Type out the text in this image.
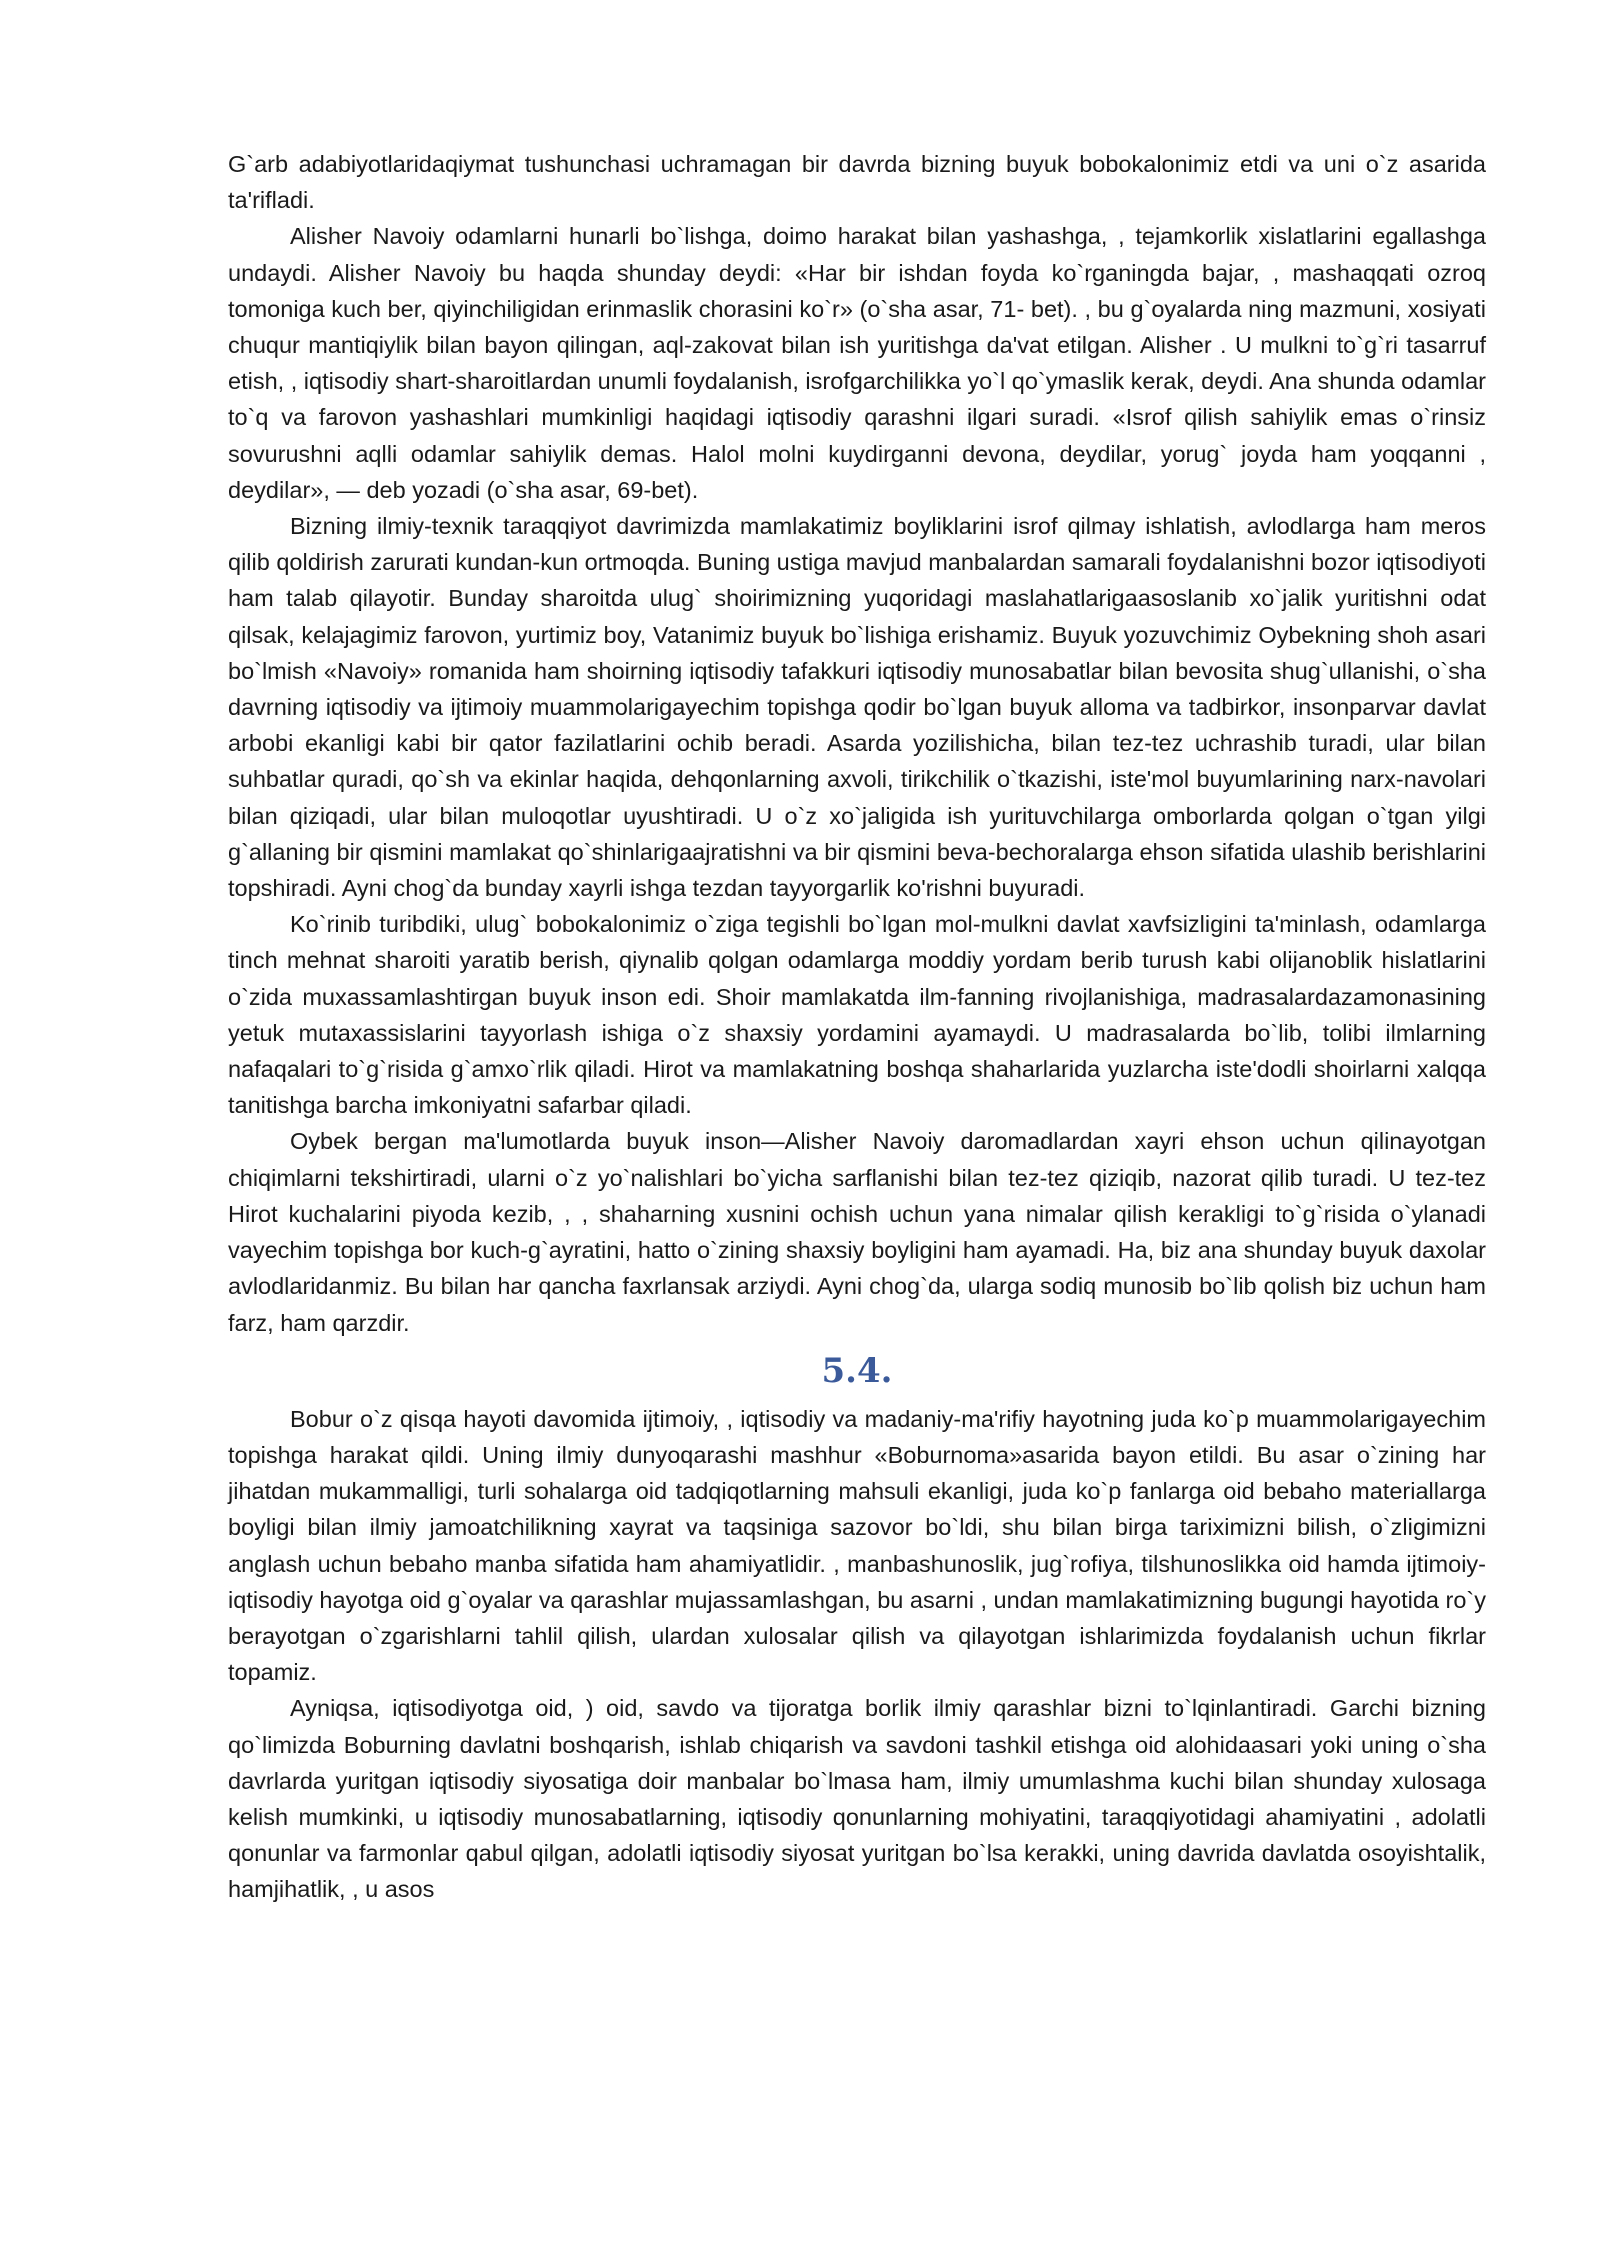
G`arb adabiyotlaridaqiymat tushunchasi uchramagan bir davrda bizning buyuk bobokalonimiz etdi va uni o`z asarida ta'rifladi.

Alisher Navoiy odamlarni hunarli bo`lishga, doimo harakat bilan yashashga, , tejamkorlik xislatlarini egallashga undaydi. Alisher Navoiy bu haqda shunday deydi: «Har bir ishdan foyda ko`rganingda bajar, , mashaqqati ozroq tomoniga kuch ber, qiyinchiligidan erinmaslik chorasini ko`r» (o`sha asar, 71- bet). , bu g`oyalarda ning mazmuni, xosiyati chuqur mantiqiylik bilan bayon qilingan, aql-zakovat bilan ish yuritishga da'vat etilgan. Alisher . U mulkni to`g`ri tasarruf etish, , iqtisodiy shart-sharoitlardan unumli foydalanish, isrofgarchilikka yo`l qo`ymaslik kerak, deydi. Ana shunda odamlar to`q va farovon yashashlari mumkinligi haqidagi iqtisodiy qarashni ilgari suradi. «Isrof qilish sahiylik emas o`rinsiz sovurushni aqlli odamlar sahiylik demas. Halol molni kuydirganni devona, deydilar, yorug` joyda ham yoqqanni , deydilar», — deb yozadi (o`sha asar, 69-bet).

Bizning ilmiy-texnik taraqqiyot davrimizda mamlakatimiz boyliklarini isrof qilmay ishlatish, avlodlarga ham meros qilib qoldirish zarurati kundan-kun ortmoqda. Buning ustiga mavjud manbalardan samarali foydalanishni bozor iqtisodiyoti ham talab qilayotir. Bunday sharoitda ulug` shoirimizning yuqoridagi maslahatlarigaasoslanib xo`jalik yuritishni odat qilsak, kelajagimiz farovon, yurtimiz boy, Vatanimiz buyuk bo`lishiga erishamiz. Buyuk yozuvchimiz Oybekning shoh asari bo`lmish «Navoiy» romanida ham shoirning iqtisodiy tafakkuri iqtisodiy munosabatlar bilan bevosita shug`ullanishi, o`sha davrning iqtisodiy va ijtimoiy muammolarigayechim topishga qodir bo`lgan buyuk alloma va tadbirkor, insonparvar davlat arbobi ekanligi kabi bir qator fazilatlarini ochib beradi. Asarda yozilishicha, bilan tez-tez uchrashib turadi, ular bilan suhbatlar quradi, qo`sh va ekinlar haqida, dehqonlarning axvoli, tirikchilik o`tkazishi, iste'mol buyumlarining narx-navolari bilan qiziqadi, ular bilan muloqotlar uyushtiradi. U o`z xo`jaligida ish yurituvchilarga omborlarda qolgan o`tgan yilgi g`allaning bir qismini mamlakat qo`shinlarigaajratishni va bir qismini beva-bechoralarga ehson sifatida ulashib berishlarini topshiradi. Ayni chog`da bunday xayrli ishga tezdan tayyorgarlik ko'rishni buyuradi.

Ko`rinib turibdiki, ulug` bobokalonimiz o`ziga tegishli bo`lgan mol-mulkni davlat xavfsizligini ta'minlash, odamlarga tinch mehnat sharoiti yaratib berish, qiynalib qolgan odamlarga moddiy yordam berib turush kabi olijanoblik hislatlarini o`zida muxassamlashtirgan buyuk inson edi. Shoir mamlakatda ilm-fanning rivojlanishiga, madrasalardazamonasining yetuk mutaxassislarini tayyorlash ishiga o`z shaxsiy yordamini ayamaydi. U madrasalarda bo`lib, tolibi ilmlarning nafaqalari to`g`risida g`amxo`rlik qiladi. Hirot va mamlakatning boshqa shaharlarida yuzlarcha iste'dodli shoirlarni xalqqa tanitishga barcha imkoniyatni safarbar qiladi.

Oybek bergan ma'lumotlarda buyuk inson—Alisher Navoiy daromadlardan xayri ehson uchun qilinayotgan chiqimlarni tekshirtiradi, ularni o`z yo`nalishlari bo`yicha sarflanishi bilan tez-tez qiziqib, nazorat qilib turadi. U tez-tez Hirot kuchalarini piyoda kezib, , , shaharning xusnini ochish uchun yana nimalar qilish kerakligi to`g`risida o`ylanadi vayechim topishga bor kuch-g`ayratini, hatto o`zining shaxsiy boyligini ham ayamadi. Ha, biz ana shunday buyuk daxolar avlodlaridanmiz. Bu bilan har qancha faxrlansak arziydi. Ayni chog`da, ularga sodiq munosib bo`lib qolish biz uchun ham farz, ham qarzdir.

5.4.

Bobur o`z qisqa hayoti davomida ijtimoiy, , iqtisodiy va madaniy-ma'rifiy hayotning juda ko`p muammolarigayechim topishga harakat qildi. Uning ilmiy dunyoqarashi mashhur «Boburnoma»asarida bayon etildi. Bu asar o`zining har jihatdan mukammalligi, turli sohalarga oid tadqiqotlarning mahsuli ekanligi, juda ko`p fanlarga oid bebaho materiallarga boyligi bilan ilmiy jamoatchilikning xayrat va taqsiniga sazovor bo`ldi, shu bilan birga tariximizni bilish, o`zligimizni anglash uchun bebaho manba sifatida ham ahamiyatlidir. , manbashunoslik, jug`rofiya, tilshunoslikka oid hamda ijtimoiy-iqtisodiy hayotga oid g`oyalar va qarashlar mujassamlashgan, bu asarni , undan mamlakatimizning bugungi hayotida ro`y berayotgan o`zgarishlarni tahlil qilish, ulardan xulosalar qilish va qilayotgan ishlarimizda foydalanish uchun fikrlar topamiz.

Ayniqsa, iqtisodiyotga oid, ) oid, savdo va tijoratga borlik ilmiy qarashlar bizni to`lqinlantiradi. Garchi bizning qo`limizda Boburning davlatni boshqarish, ishlab chiqarish va savdoni tashkil etishga oid alohidaasari yoki uning o`sha davrlarda yuritgan iqtisodiy siyosatiga doir manbalar bo`lmasa ham, ilmiy umumlashma kuchi bilan shunday xulosaga kelish mumkinki, u iqtisodiy munosabatlarning, iqtisodiy qonunlarning mohiyatini, taraqqiyotidagi ahamiyatini , adolatli qonunlar va farmonlar qabul qilgan, adolatli iqtisodiy siyosat yuritgan bo`lsa kerakki, uning davrida davlatda osoyishtalik, hamjihatlik, , u asos
